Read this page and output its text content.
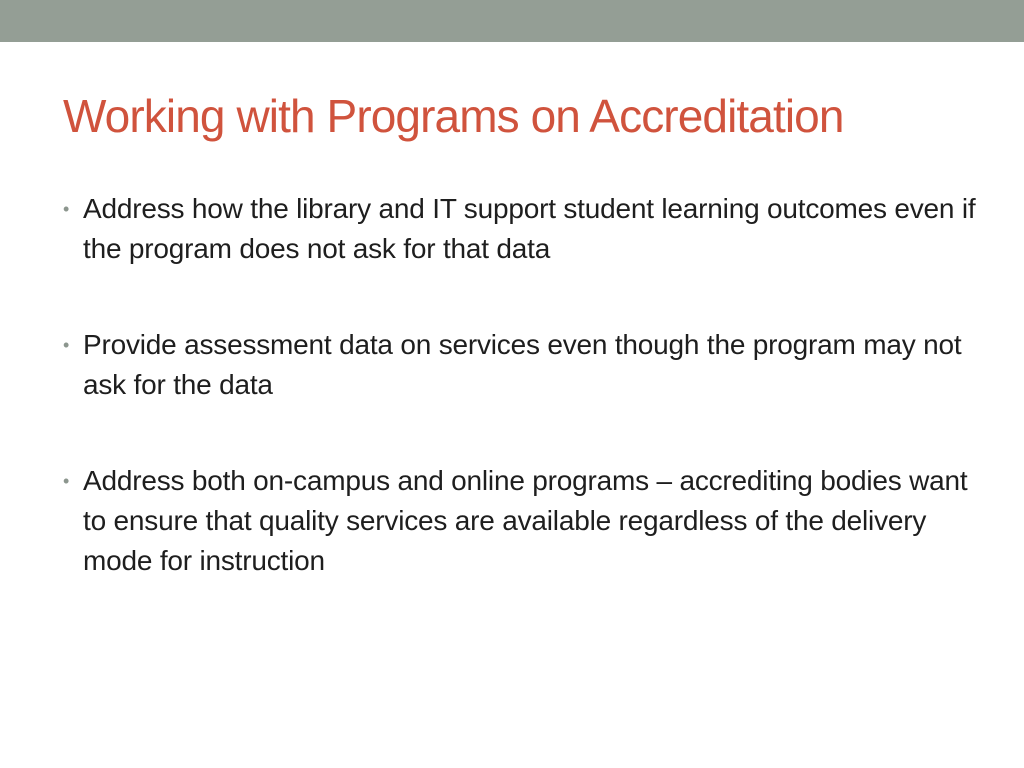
Working with Programs on Accreditation
• Address how the library and IT support student learning outcomes even if the program does not ask for that data
• Provide assessment data on services even though the program may not ask for the data
• Address both on-campus and online programs – accrediting bodies want to ensure that quality services are available regardless of the delivery mode for instruction
